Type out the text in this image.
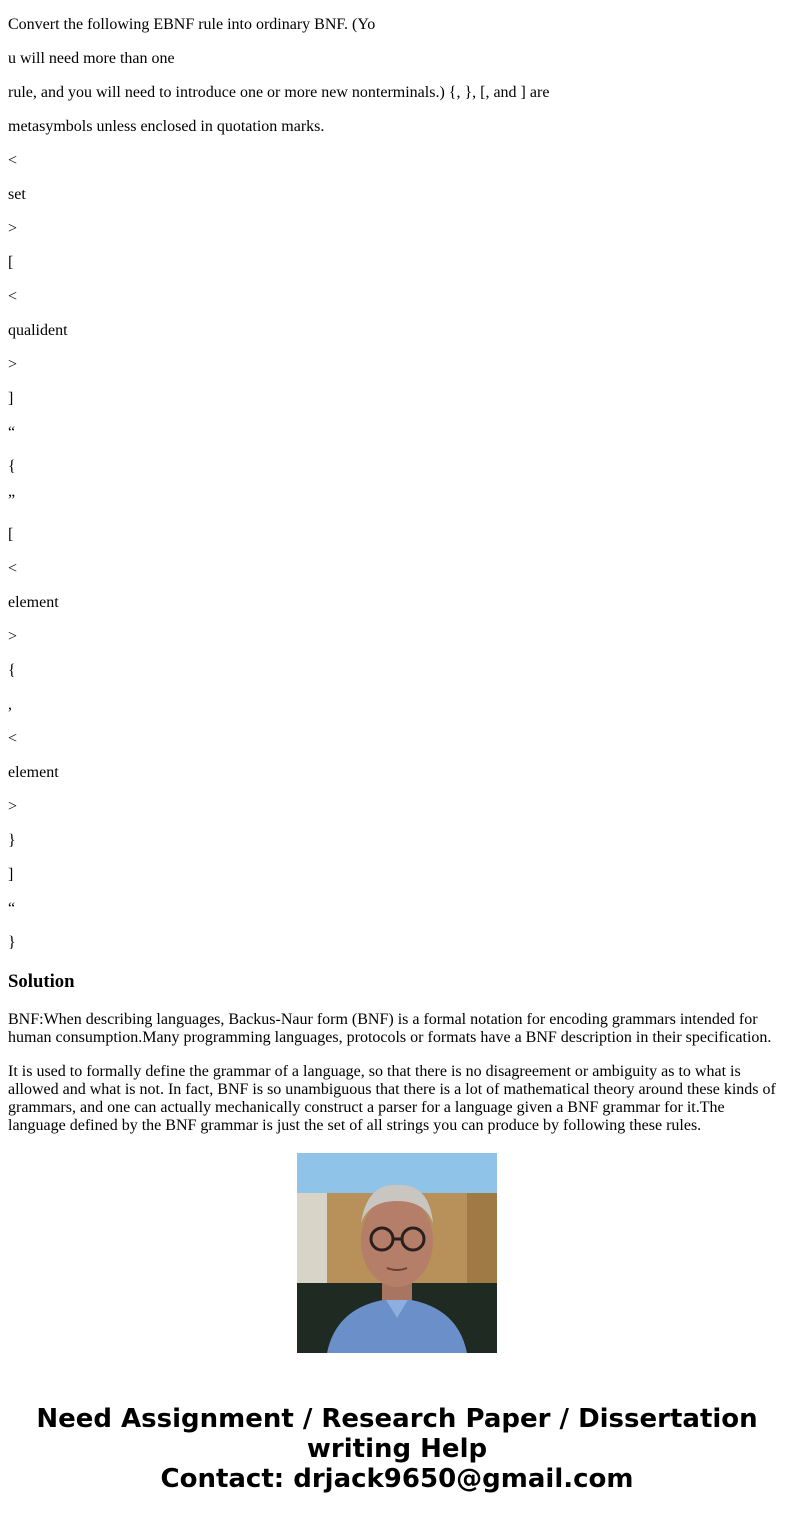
Convert the following EBNF rule into ordinary BNF. (Yo

u will need more than one

rule, and you will need to introduce one or more new nonterminals.) {, }, [, and ] are

metasymbols unless enclosed in quotation marks.

<

set

>

[

<

qualident

>

]

“

{

”

[

<

element

>

{

,

<

element

>

}

]

“

}

Solution

BNF:When describing languages, Backus-Naur form (BNF) is a formal notation for encoding grammars intended for human consumption.Many programming languages, protocols or formats have a BNF description in their specification.

It is used to formally define the grammar of a language, so that there is no disagreement or ambiguity as to what is allowed and what is not. In fact, BNF is so unambiguous that there is a lot of mathematical theory around these kinds of grammars, and one can actually mechanically construct a parser for a language given a BNF grammar for it.The language defined by the BNF grammar is just the set of all strings you can produce by following these rules.

Need Assignment / Research Paper / Dissertation writing Help
Contact: drjack9650@gmail.com
